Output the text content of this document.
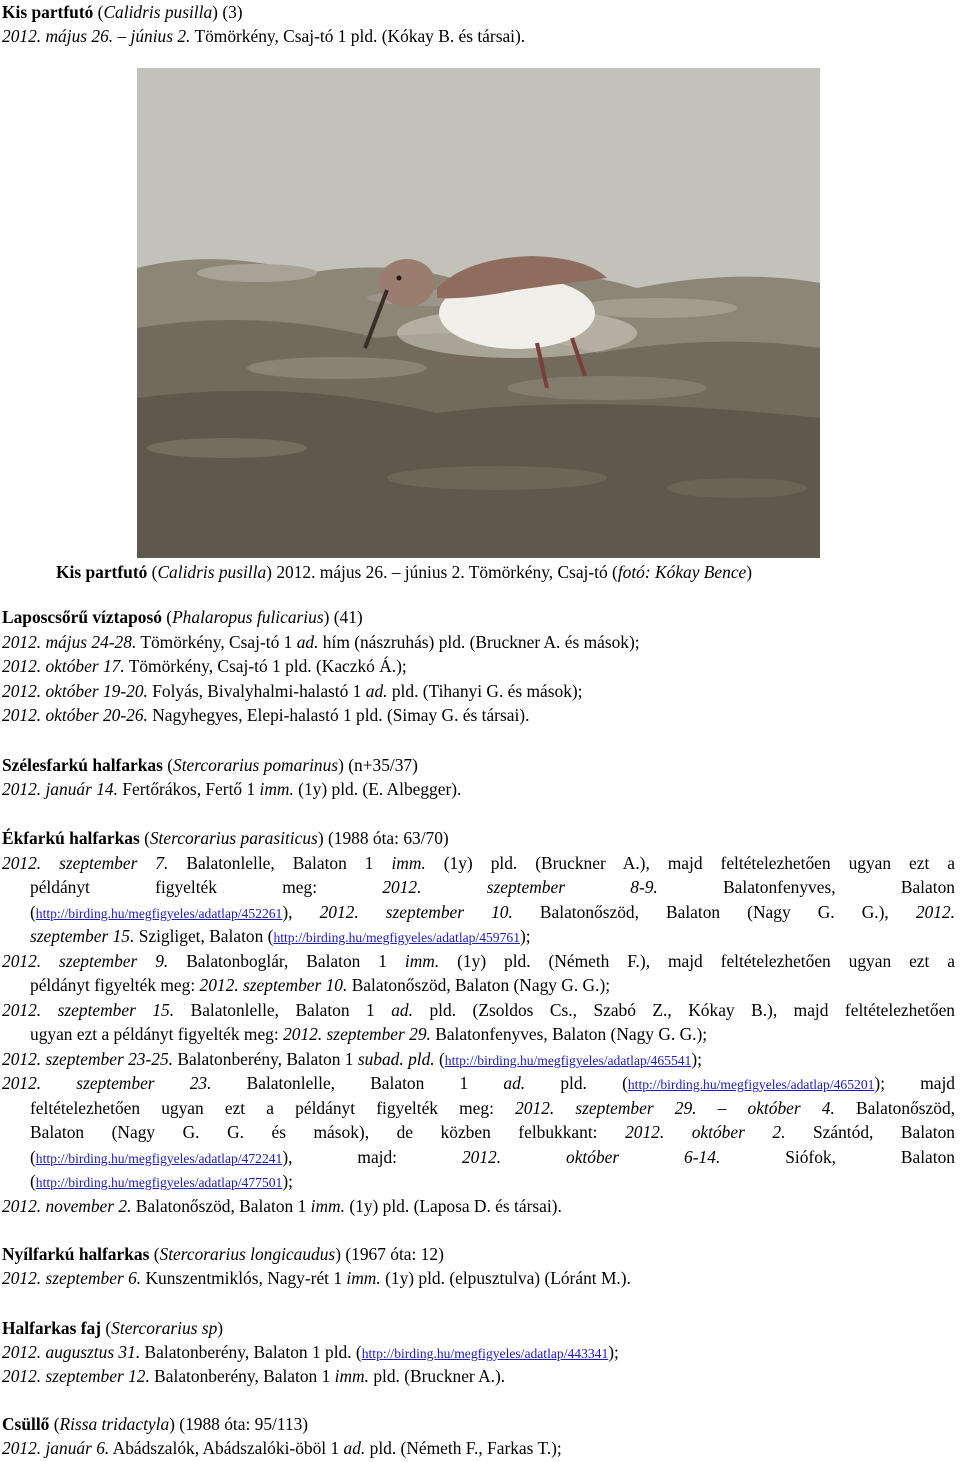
Kis partfutó (Calidris pusilla) (3)
2012. május 26. – június 2. Tömörkény, Csaj-tó 1 pld. (Kókay B. és társai).
Kis partfutó (Calidris pusilla) 2012. május 26. – június 2. Tömörkény, Csaj-tó (fotó: Kókay Bence)
Laposcsőrű víztaposó (Phalaropus fulicarius) (41)
2012. május 24-28. Tömörkény, Csaj-tó 1 ad. hím (nászruhás) pld. (Bruckner A. és mások);
2012. október 17. Tömörkény, Csaj-tó 1 pld. (Kaczkó Á.);
2012. október 19-20. Folyás, Bivalyhalmi-halastó 1 ad. pld. (Tihanyi G. és mások);
2012. október 20-26. Nagyhegyes, Elepi-halastó 1 pld. (Simay G. és társai).
Szélesfarkú halfarkas (Stercorarius pomarinus) (n+35/37)
2012. január 14. Fertőrákos, Fertő 1 imm. (1y) pld. (E. Albegger).
Ékfarkú halfarkas (Stercorarius parasiticus) (1988 óta: 63/70)
2012. szeptember 7. Balatonlelle, Balaton 1 imm. (1y) pld. (Bruckner A.), majd feltételezhetően ugyan ezt a
példányt figyelték meg:	2012. szeptember 8-9.	Balatonfenyves, Balaton
(http://birding.hu/megfigyeles/adatlap/452261), 2012. szeptember 10. Balatonőszöd, Balaton (Nagy G. G.), 2012.
szeptember 15. Szigliget, Balaton (http://birding.hu/megfigyeles/adatlap/459761);
2012. szeptember 9. Balatonboglár, Balaton 1 imm. (1y) pld. (Németh F.), majd feltételezhetően ugyan ezt a
példányt figyelték meg: 2012. szeptember 10. Balatonőszöd, Balaton (Nagy G. G.);
2012. szeptember 15. Balatonlelle, Balaton 1 ad. pld. (Zsoldos Cs., Szabó Z., Kókay B.), majd feltételezhetően
ugyan ezt a példányt figyelték meg: 2012. szeptember 29. Balatonfenyves, Balaton (Nagy G. G.);
2012. szeptember 23-25. Balatonberény, Balaton 1 subad. pld. (http://birding.hu/megfigyeles/adatlap/465541);
2012. szeptember 23. Balatonlelle, Balaton 1 ad. pld. (http://birding.hu/megfigyeles/adatlap/465201); majd
feltételezhetően ugyan ezt a példányt figyelték meg: 2012. szeptember 29. – október 4. Balatonőszöd,
Balaton (Nagy G. G. és mások), de közben felbukkant: 2012. október 2. Szántód, Balaton
(http://birding.hu/megfigyeles/adatlap/472241), majd:	2012. október 6-14.	Siófok, Balaton
(http://birding.hu/megfigyeles/adatlap/477501);
2012. november 2. Balatonőszöd, Balaton 1 imm. (1y) pld. (Laposa D. és társai).
Nyílfarkú halfarkas (Stercorarius longicaudus) (1967 óta: 12)
2012. szeptember 6. Kunszentmiklós, Nagy-rét 1 imm. (1y) pld. (elpusztulva) (Lóránt M.).
Halfarkas faj (Stercorarius sp)
2012. augusztus 31. Balatonberény, Balaton 1 pld. (http://birding.hu/megfigyeles/adatlap/443341);
2012. szeptember 12. Balatonberény, Balaton 1 imm. pld. (Bruckner A.).
Csüllő (Rissa tridactyla) (1988 óta: 95/113)
2012. január 6. Abádszalók, Abádszalóki-öböl 1 ad. pld. (Németh F., Farkas T.);
